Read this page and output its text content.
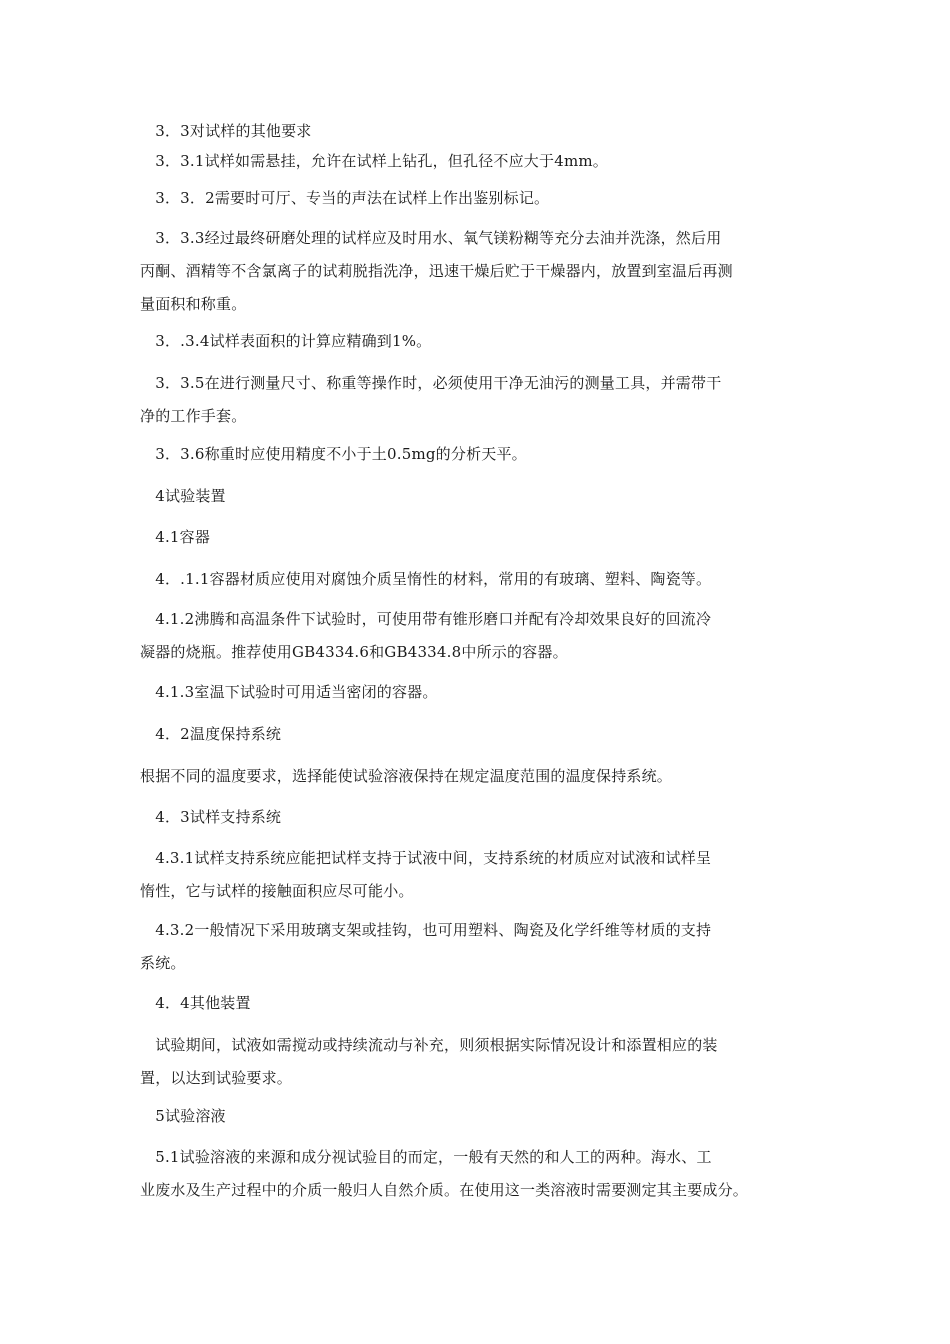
　3．3对试样的其他要求

　3．3.1试样如需悬挂，允许在试样上钻孔，但孔径不应大于4mm。

　3．3．2需要时可厅、专当的声法在试样上作出鉴别标记。

　3．3.3经过最终研磨处理的试样应及时用水、氧气镁粉糊等充分去油并洗涤，然后用
丙酮、酒精等不含氯离子的试莉脱指洗净，迅速干燥后贮于干燥器内，放置到室温后再测
量面积和称重。

　3．.3.4试样表面积的计算应精确到1%。

　3．3.5在进行测量尺寸、称重等操作时，必须使用干净无油污的测量工具，并需带干
净的工作手套。

　3．3.6称重时应使用精度不小于土0.5mg的分析天平。

　4试验装置

　4.1容器

　4．.1.1容器材质应使用对腐蚀介质呈惰性的材料，常用的有玻璃、塑料、陶瓷等。

　4.1.2沸腾和高温条件下试验时，可使用带有锥形磨口并配有冷却效果良好的回流冷
凝器的烧瓶。推荐使用GB4334.6和GB4334.8中所示的容器。

　4.1.3室温下试验时可用适当密闭的容器。

　4．2温度保持系统

根据不同的温度要求，选择能使试验溶液保持在规定温度范围的温度保持系统。

　4．3试样支持系统

　4.3.1试样支持系统应能把试样支持于试液中间，支持系统的材质应对试液和试样呈
惰性，它与试样的接触面积应尽可能小。

　4.3.2一般情况下采用玻璃支架或挂钩，也可用塑料、陶瓷及化学纤维等材质的支持
系统。

　4．4其他装置

　试验期间，试液如需搅动或持续流动与补充，则须根据实际情况设计和添置相应的装
置，以达到试验要求。

　5试验溶液

　5.1试验溶液的来源和成分视试验目的而定，一般有天然的和人工的两种。海水、工
业废水及生产过程中的介质一般归人自然介质。在使用这一类溶液时需要测定其主要成分。
